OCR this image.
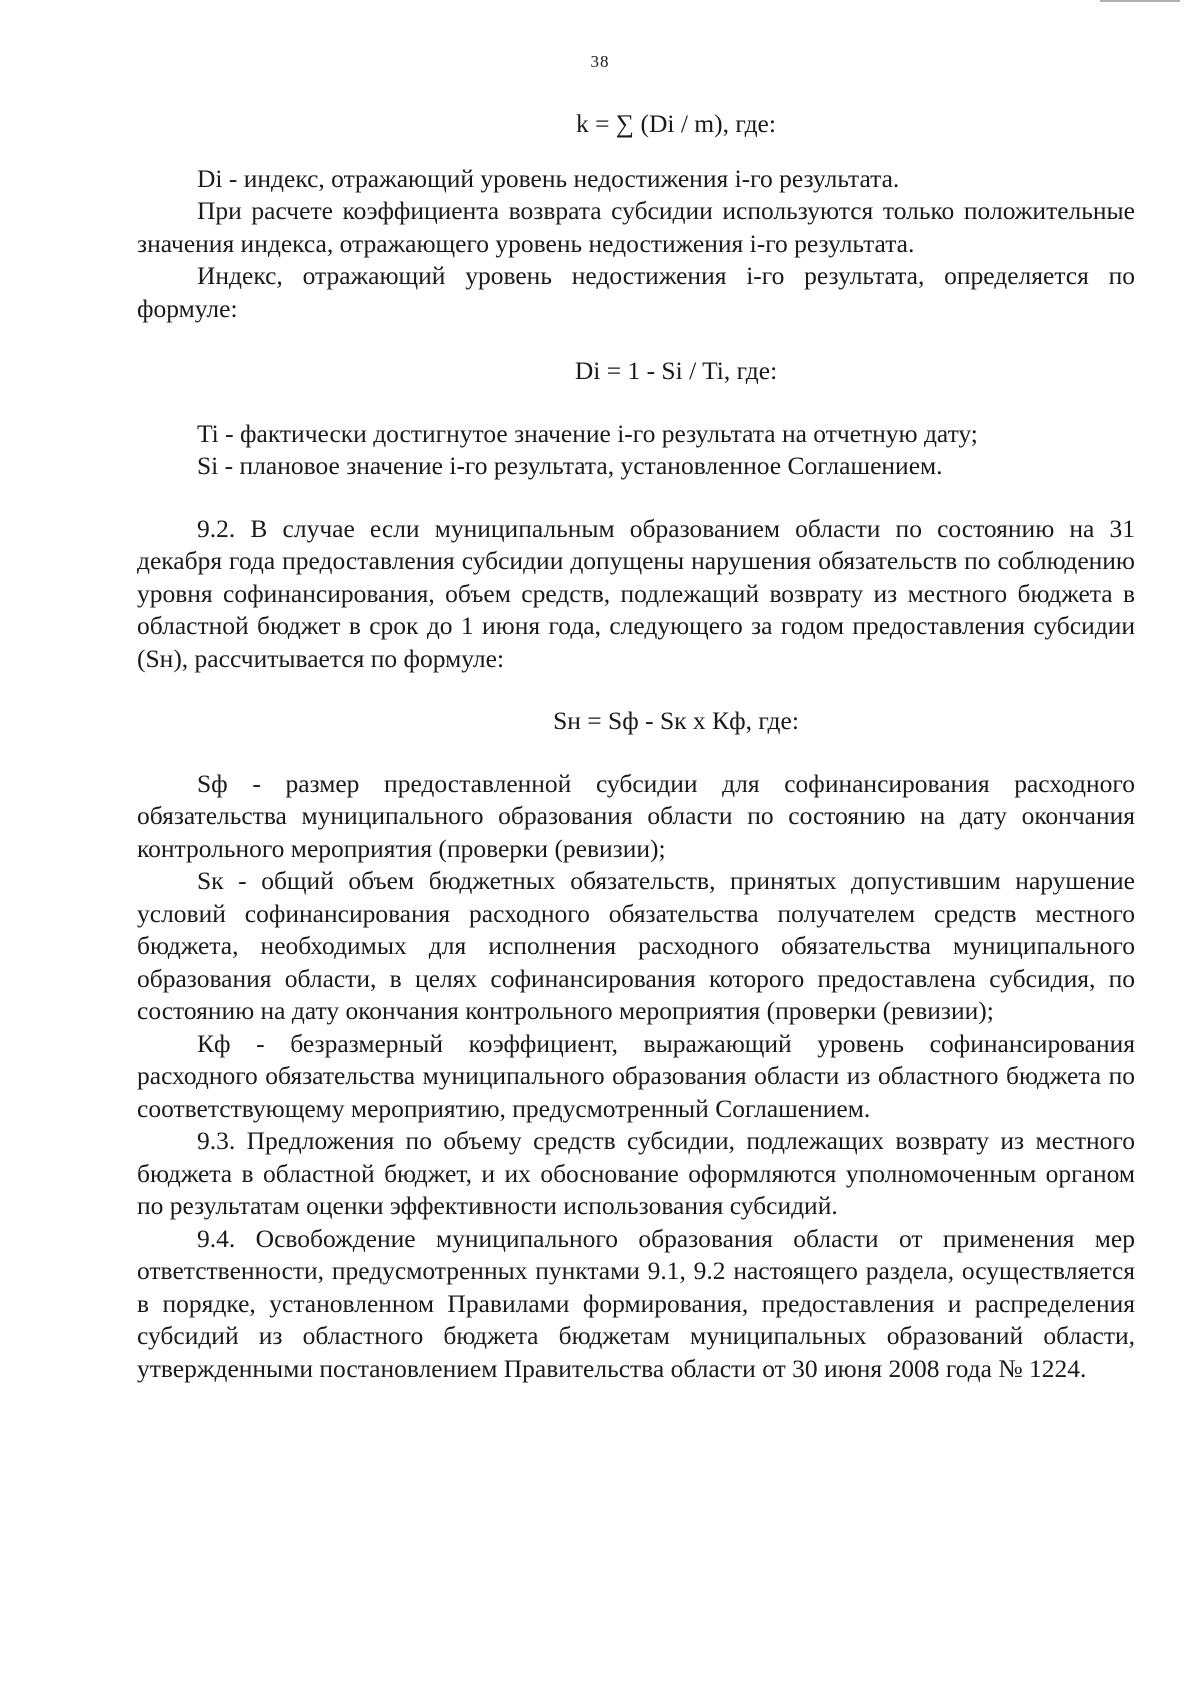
38

k = ∑ (Di / m), где:

Di - индекс, отражающий уровень недостижения i-го результата.

При расчете коэффициента возврата субсидии используются только положительные значения индекса, отражающего уровень недостижения i-го результата.

Индекс, отражающий уровень недостижения i-го результата, определяется по формуле:

Di = 1 - Si / Ti, где:

Ti - фактически достигнутое значение i-го результата на отчетную дату;

Si - плановое значение i-го результата, установленное Соглашением.

9.2. В случае если муниципальным образованием области по состоянию на 31 декабря года предоставления субсидии допущены нарушения обязательств по соблюдению уровня софинансирования, объем средств, подлежащий возврату из местного бюджета в областной бюджет в срок до 1 июня года, следующего за годом предоставления субсидии (Sн), рассчитывается по формуле:

Sн = Sф - Sк x Кф, где:

Sф - размер предоставленной субсидии для софинансирования расходного обязательства муниципального образования области по состоянию на дату окончания контрольного мероприятия (проверки (ревизии);

Sк - общий объем бюджетных обязательств, принятых допустившим нарушение условий софинансирования расходного обязательства получателем средств местного бюджета, необходимых для исполнения расходного обязательства муниципального образования области, в целях софинансирования которого предоставлена субсидия, по состоянию на дату окончания контрольного мероприятия (проверки (ревизии);

Кф - безразмерный коэффициент, выражающий уровень софинансирования расходного обязательства муниципального образования области из областного бюджета по соответствующему мероприятию, предусмотренный Соглашением.

9.3. Предложения по объему средств субсидии, подлежащих возврату из местного бюджета в областной бюджет, и их обоснование оформляются уполномоченным органом по результатам оценки эффективности использования субсидий.

9.4. Освобождение муниципального образования области от применения мер ответственности, предусмотренных пунктами 9.1, 9.2 настоящего раздела, осуществляется в порядке, установленном Правилами формирования, предоставления и распределения субсидий из областного бюджета бюджетам муниципальных образований области, утвержденными постановлением Правительства области от 30 июня 2008 года № 1224.
